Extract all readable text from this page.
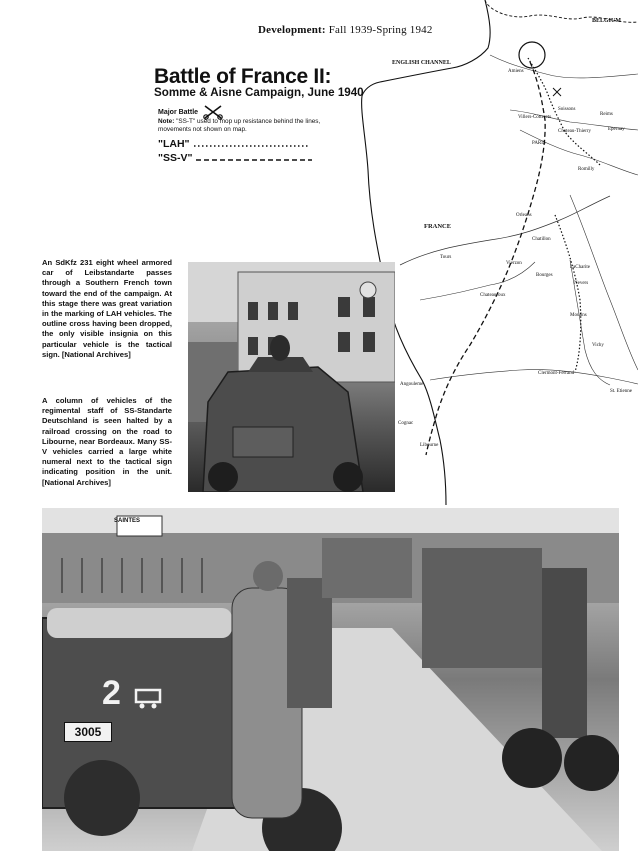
Development: Fall 1939-Spring 1942
Battle of France II:
Somme & Aisne Campaign, June 1940
Major Battle
Note: "SS-T" used to mop up resistance behind the lines, movements not shown on map.
"LAH"
"SS-V"
BELGIUM
ENGLISH CHANNEL
FRANCE
Amiens
Soissons
Villers-Cotterets
Reims
Chateau-Thierry	Epernay
PARIS
Romilly
Orleans
Chatillon
Tours
Vierzon
Bourges
LaCharite
Nevers
Chateauroux
Moulins
Vichy
Clermont-Ferrand
Angouleme
Cognac
Libourne
St. Etienne
An SdKfz 231 eight wheel armored car of Leibstandarte passes through a Southern French town toward the end of the campaign. At this stage there was great variation in the marking of LAH vehicles. The outline cross having been dropped, the only visible insignia on this particular vehicle is the tactical sign. [National Archives]
A column of vehicles of the regimental staff of SS-Standarte Deutschland is seen halted by a railroad crossing on the road to Libourne, near Bordeaux. Many SS-V vehicles carried a large white numeral next to the tactical sign indicating position in the unit. [National Archives]
SAINTES
2
3005
